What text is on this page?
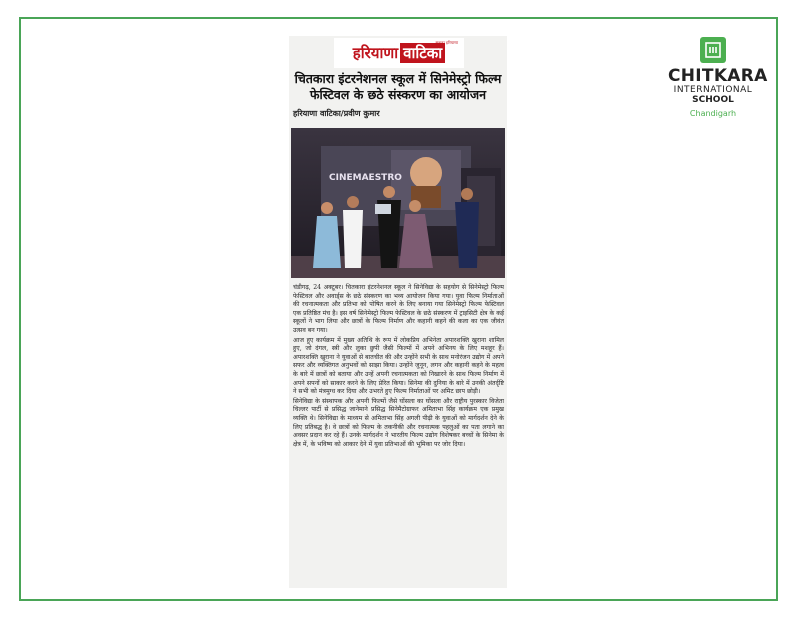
हरियाणा वाटिका
सबका हरियाणा
चितकारा इंटरनेशनल स्कूल में सिनेमेस्ट्रो फिल्म फेस्टिवल के छठे संस्करण का आयोजन
हरियाणा वाटिका/प्रवीण कुमार
CINEMAESTRO

चंडीगढ़, 24 अक्टूबर। चितकारा इंटरनेशनल स्कूल ने सिनेविद्या के सहयोग से सिनेमेस्ट्रो फिल्म फेस्टिवल और अवार्ड्स के छठे संस्करण का भव्य आयोजन किया गया। युवा फिल्म निर्माताओं की रचनात्मकता और प्रतिभा को पोषित करने के लिए बनाया गया सिनेमेस्ट्रो फिल्म फेस्टिवल एक प्रतिष्ठित मंच है। इस वर्ष सिनेमेस्ट्रो फिल्म फेस्टिवल के छठे संस्करण में ट्राइसिटी क्षेत्र के कई स्कूलों ने भाग लिया और छात्रों के फिल्म निर्माण और कहानी कहने की कला का एक जीवंत उत्सव बन गया।

आज हुए कार्यक्रम में मुख्य अतिथि के रूप में लोकप्रिय अभिनेता अपारशक्ति खुराना शामिल हुए, जो दंगल, स्त्री और लुका छुपी जैसी फिल्मों में अपने अभिनय के लिए मशहूर हैं। अपारशक्ति खुराना ने युवाओं से बातचीत की और उन्होंने सभी के साथ मनोरंजन उद्योग में अपने सफर और व्यक्तिगत अनुभवों को साझा किया। उन्होंने जुनून, लगन और कहानी कहने के महत्व के बारे में छात्रों को बताया और उन्हें अपनी रचनात्मकता को निखारने के साथ फिल्म निर्माण में अपने सपनों को साकार करने के लिए प्रेरित किया। सिनेमा की दुनिया के बारे में उनकी अंतर्दृष्टि ने सभी को मंत्रमुग्ध कर दिया और उभरते हुए फिल्म निर्माताओं पर अमिट छाप छोड़ी।

सिनेविद्या के संस्थापक और अपनी फिल्मों जैसे घोंसला का घोंसला और राष्ट्रीय पुरस्कार विजेता चिल्लर पार्टी से प्रसिद्ध जानेमाने प्रसिद्ध सिनेमैटोग्राफर अमिताभा सिंह कार्यक्रम एक प्रमुख व्यक्ति थे। सिनेविद्या के माध्यम से अमिताभा सिंह अगली पीढ़ी के युवाओं को मार्गदर्शन देने के लिए प्रतिबद्ध है। वे छात्रों को फिल्म के तकनीकी और रचनात्मक पहलुओं का पता लगाने का अवसर प्रदान कर रहे हैं। उनके मार्गदर्शन ने भारतीय फिल्म उद्योग विशेषकर बच्चों के सिनेमा के क्षेत्र में, के भविष्य को आकार देने में युवा प्रतिभाओं की भूमिका पर जोर दिया।

CHITKARA
INTERNATIONAL
SCHOOL
Chandigarh
